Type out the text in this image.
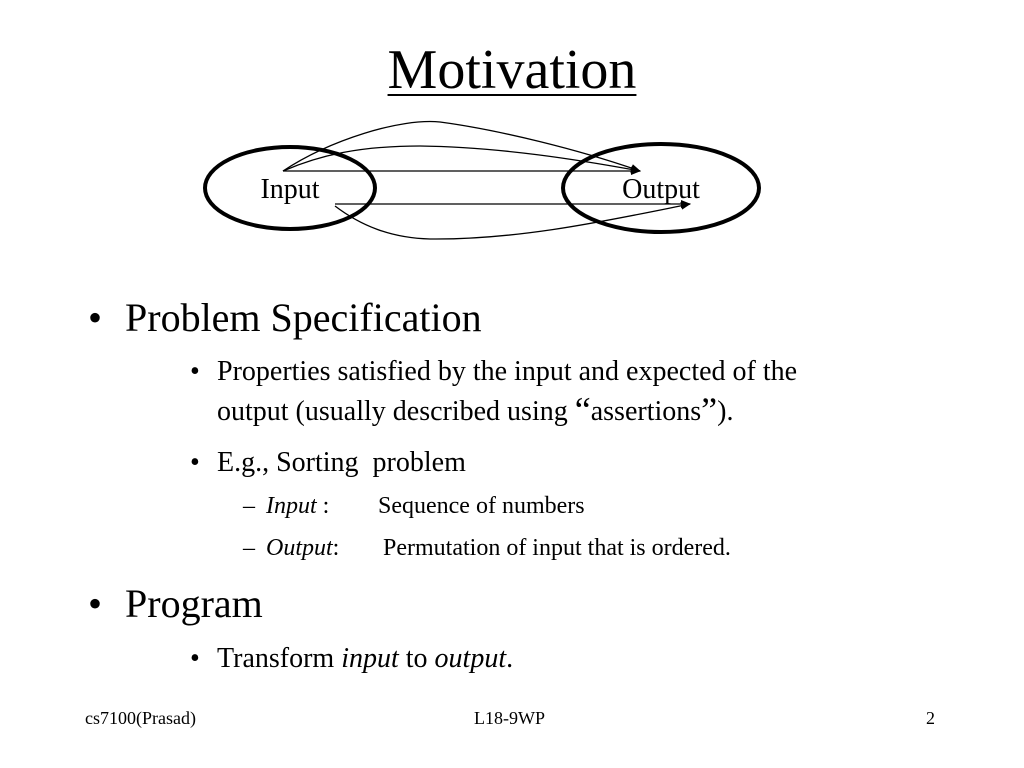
Motivation
Input	Output
• Problem Specification
• Properties satisfied by the input and expected of the
output (usually described using “assertions”).
• E.g., Sorting  problem
– Input : Sequence of numbers
– Output: Permutation of input that is ordered.
• Program
• Transform input to output.
cs7100(Prasad)	L18-9WP	2
